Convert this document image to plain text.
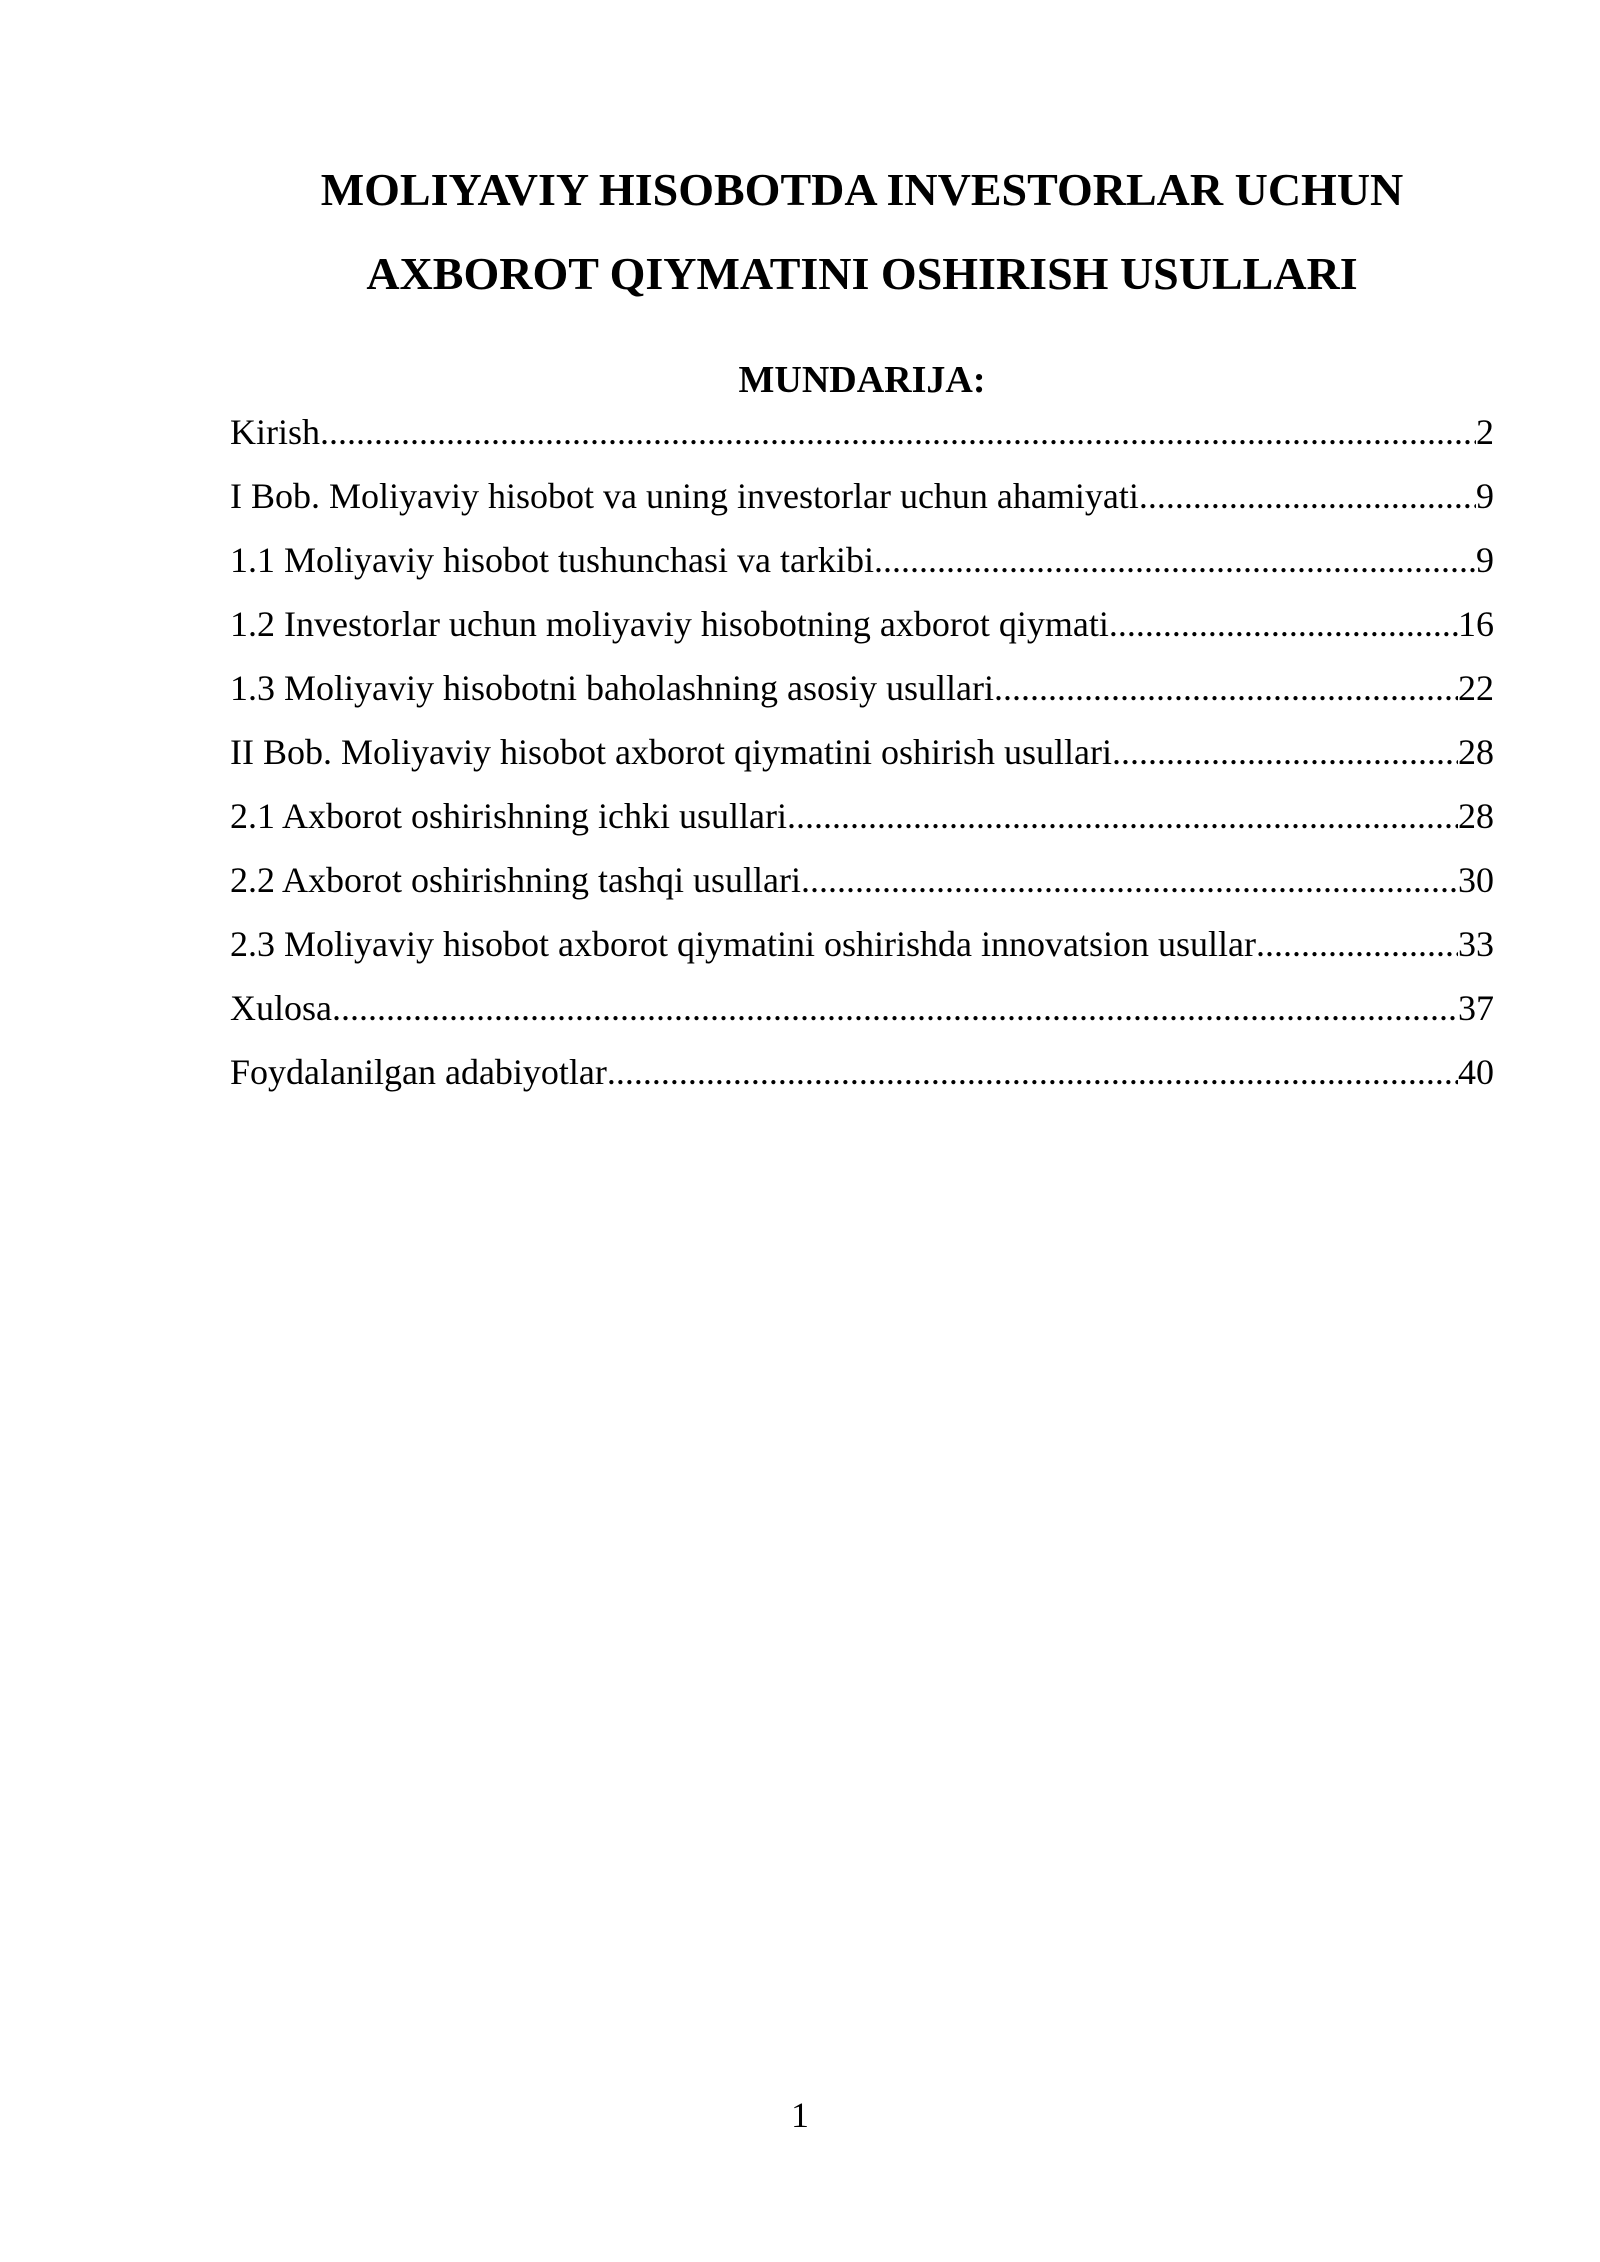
MOLIYAVIY HISOBOTDA INVESTORLAR UCHUN
AXBOROT QIYMATINI OSHIRISH USULLARI
MUNDARIJA:
Kirish .....	2
I Bob. Moliyaviy hisobot va uning investorlar uchun ahamiyati .....	9
1.1 Moliyaviy hisobot tushunchasi va tarkibi .....	9
1.2 Investorlar uchun moliyaviy hisobotning axborot qiymati .....	16
1.3 Moliyaviy hisobotni baholashning asosiy usullari .....	22
II Bob. Moliyaviy hisobot axborot qiymatini oshirish usullari .....	28
2.1 Axborot oshirishning ichki usullari .....	28
2.2 Axborot oshirishning tashqi usullari .....	30
2.3 Moliyaviy hisobot axborot qiymatini oshirishda innovatsion usullar .....	33
Xulosa .....	37
Foydalanilgan adabiyotlar .....	40
1
